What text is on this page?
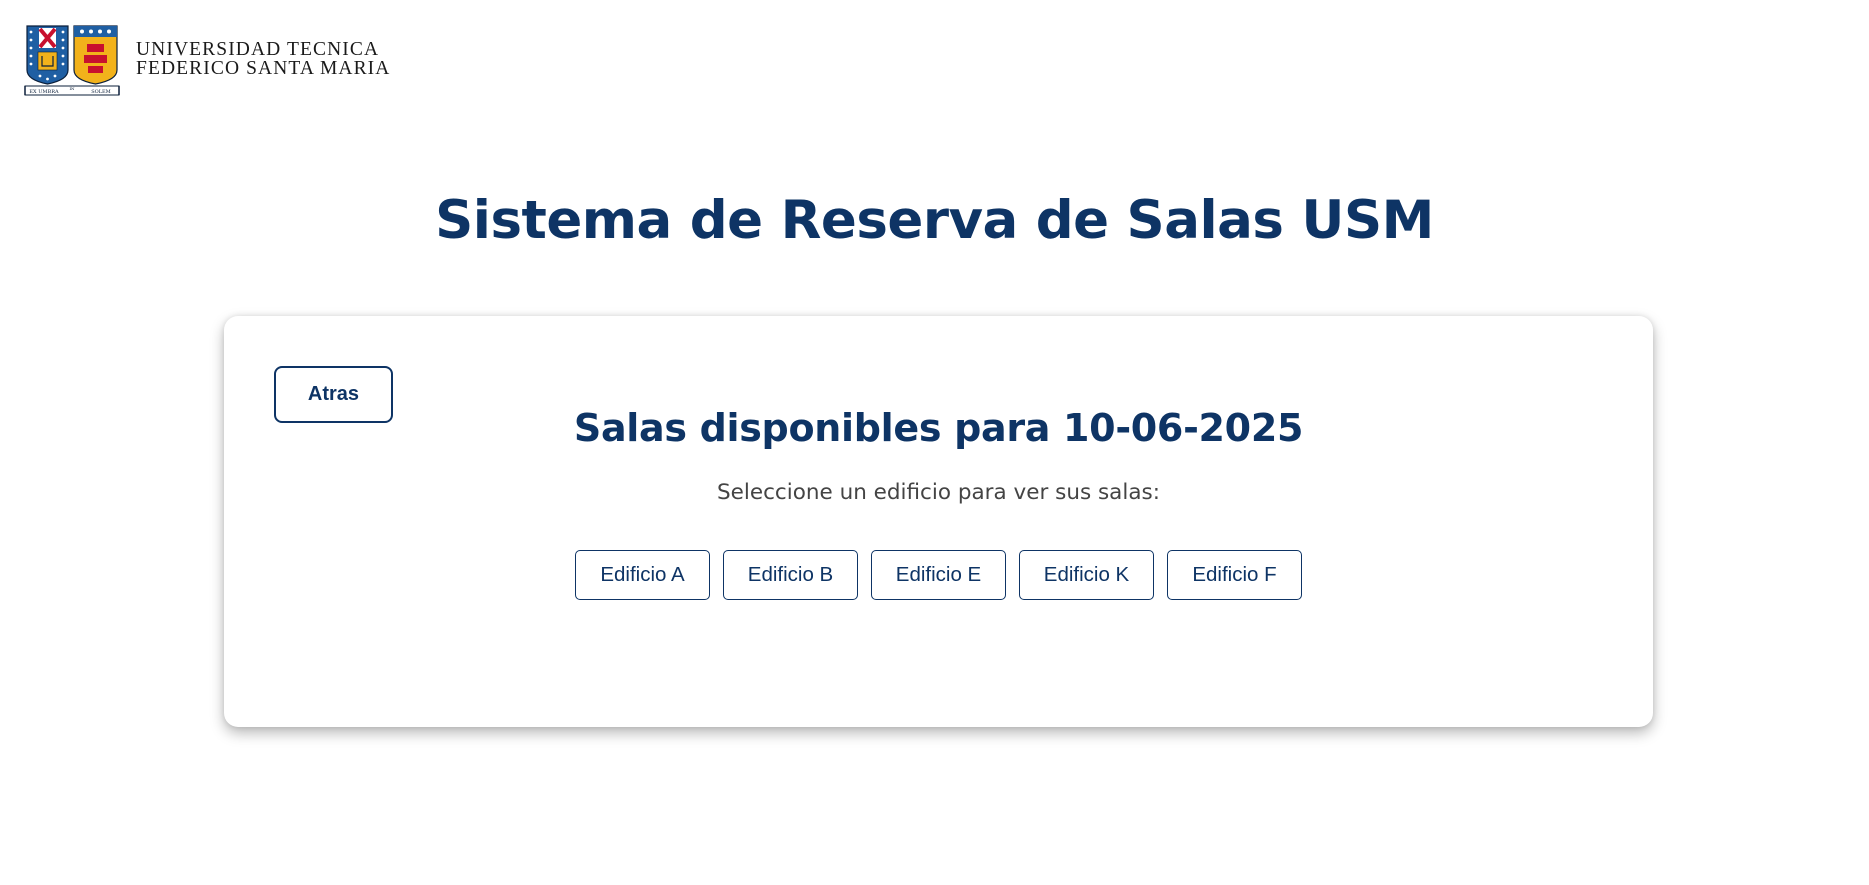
EX UMBRA
IN
SOLEM
UNIVERSIDAD TECNICA
FEDERICO SANTA MARIA
Sistema de Reserva de Salas USM
Atras
Salas disponibles para 10-06-2025

Seleccione un edificio para ver sus salas:

Edificio A	Edificio B	Edificio E	Edificio K	Edificio F
